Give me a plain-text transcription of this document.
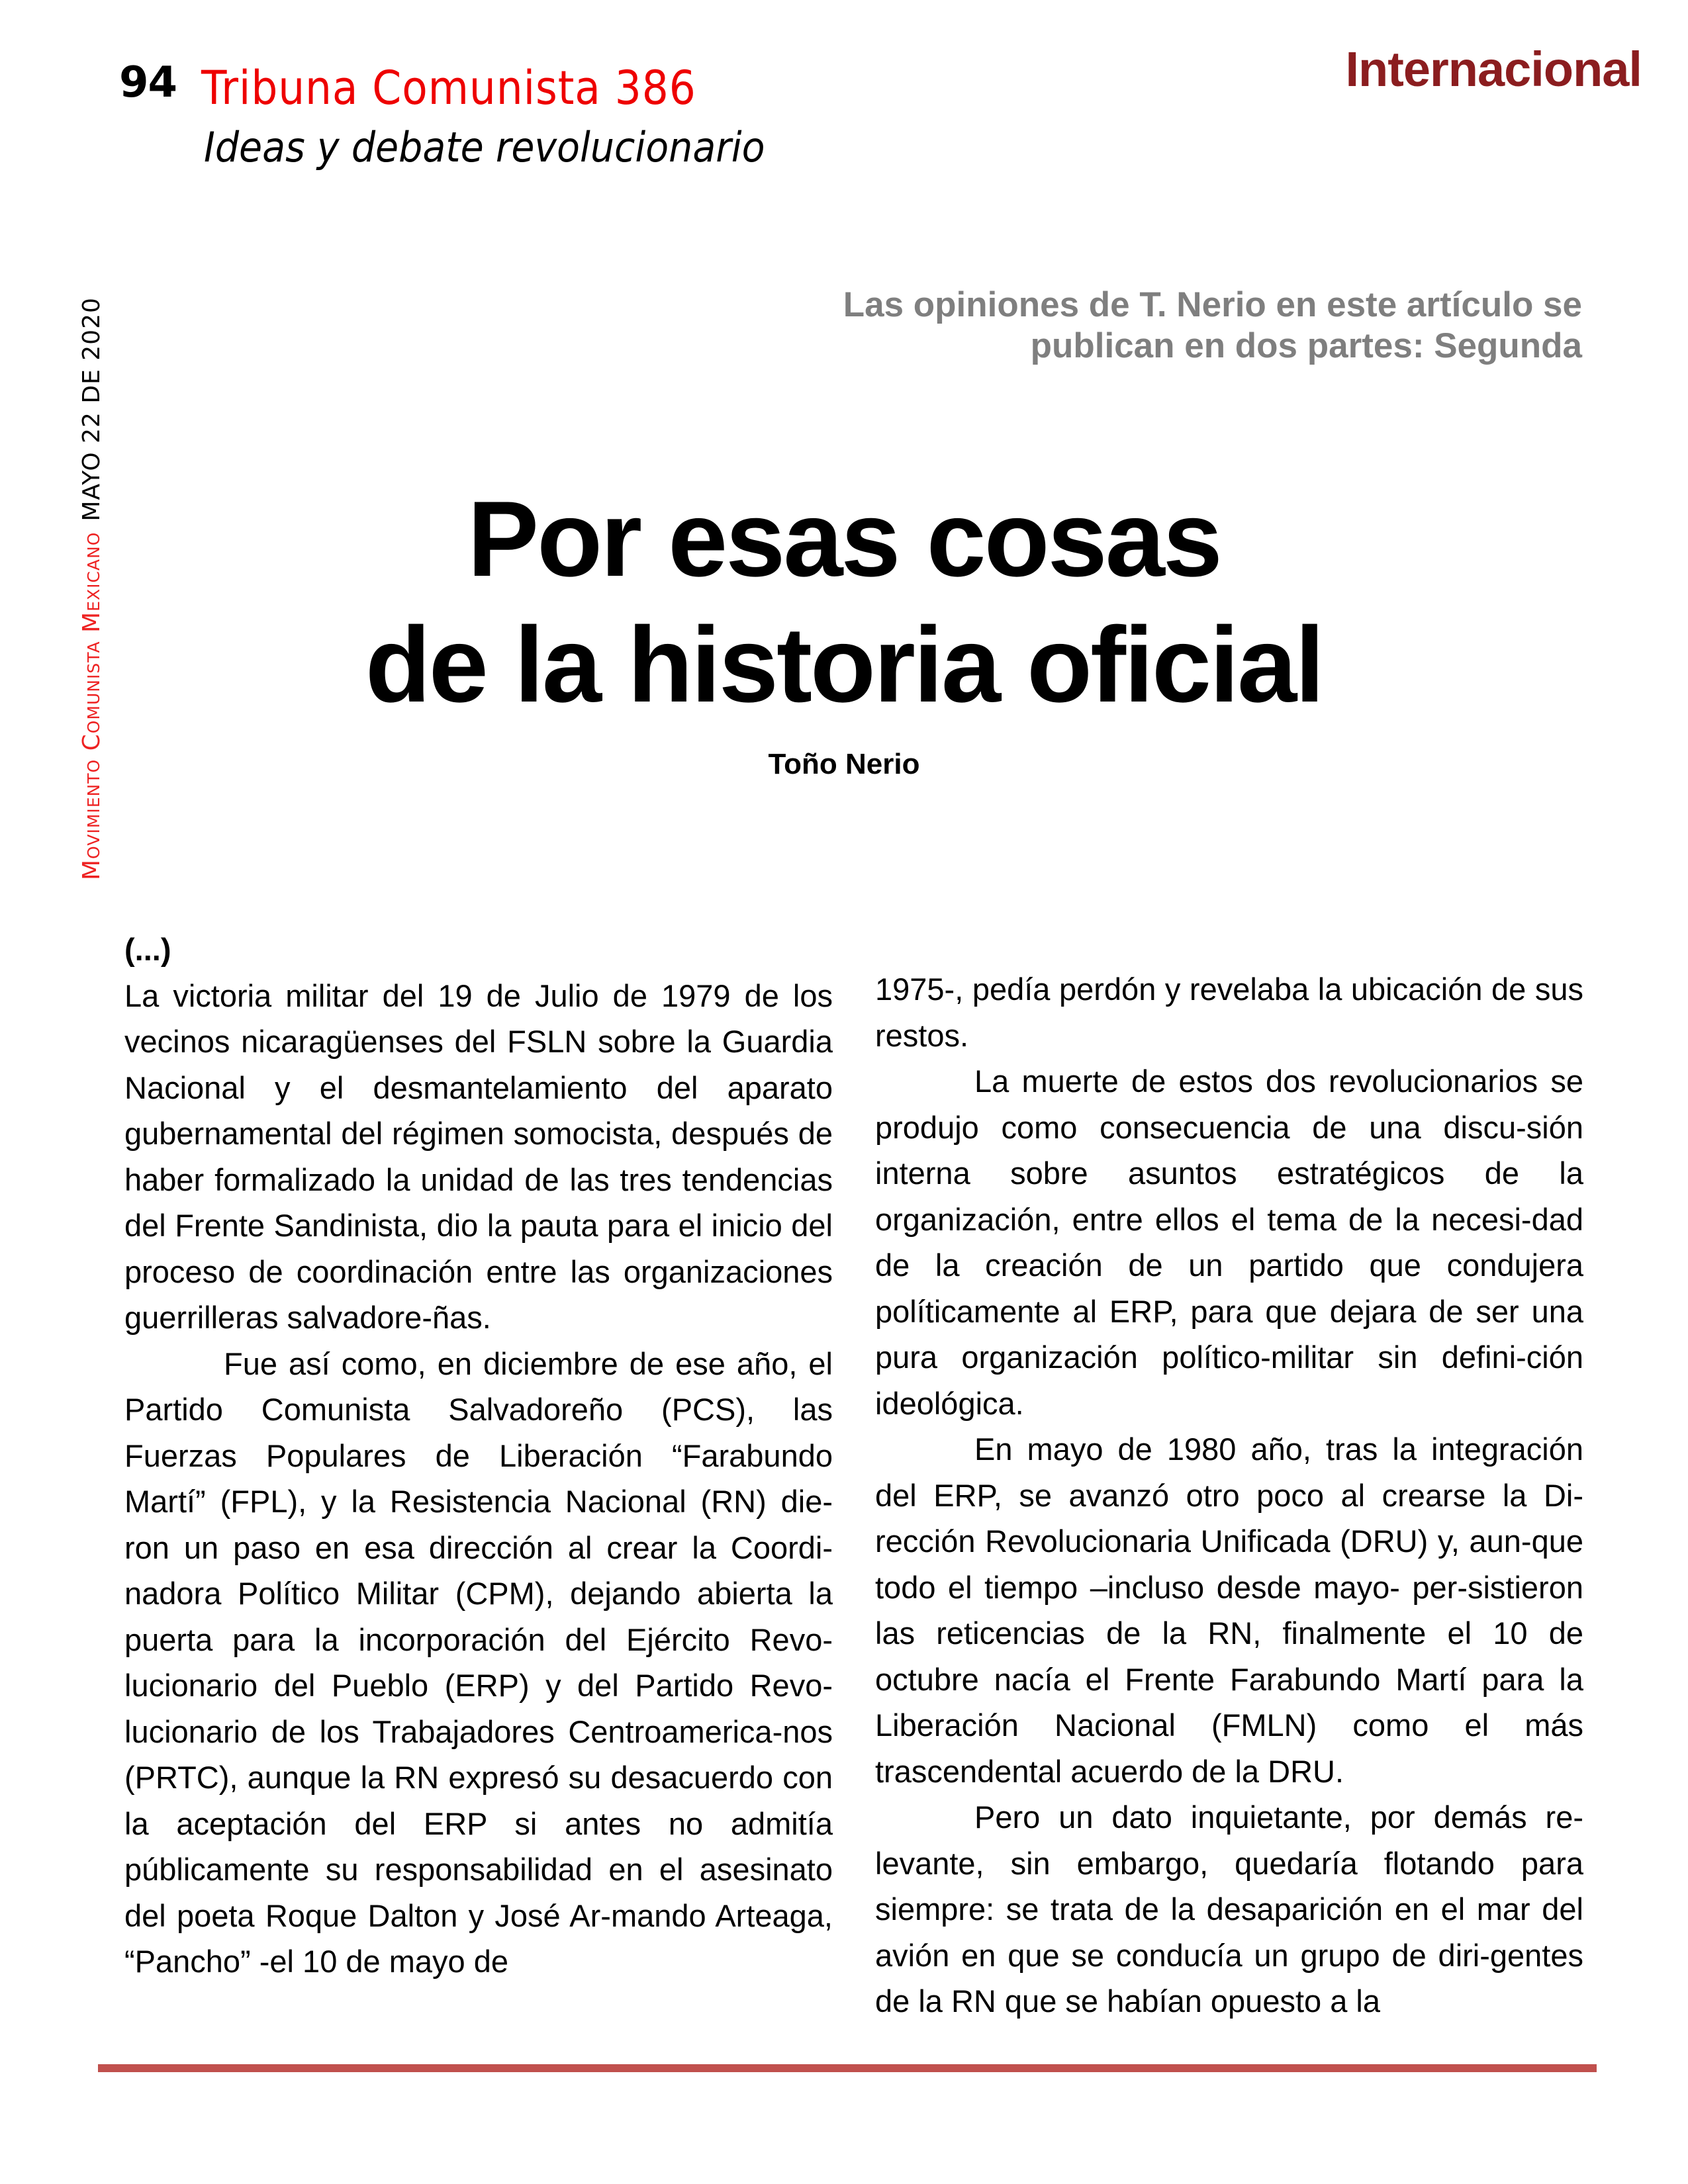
94 Tribuna Comunista 386
Ideas y debate revolucionario
Internacional
Movimiento Comunista MexicanoMAYO 22 DE 2020	Las opiniones de T. Nerio en este artículo se
publican en dos partes: Segunda
Por esas cosas
de la historia oficial
Toño Nerio

(...)

La victoria militar del 19 de Julio de 1979 de los vecinos nicaragüenses del FSLN sobre la Guardia Nacional y el desmantelamiento del aparato gubernamental del régimen somocista, después de haber formalizado la unidad de las tres tendencias del Frente Sandinista, dio la pauta para el inicio del proceso de coordinación entre las organizaciones guerrilleras salvadore-ñas.

Fue así como, en diciembre de ese año, el Partido Comunista Salvadoreño (PCS), las Fuerzas Populares de Liberación “Farabundo Martí” (FPL), y la Resistencia Nacional (RN) die-ron un paso en esa dirección al crear la Coordi-nadora Político Militar (CPM), dejando abierta la puerta para la incorporación del Ejército Revo-lucionario del Pueblo (ERP) y del Partido Revo-lucionario de los Trabajadores Centroamerica-nos (PRTC), aunque la RN expresó su desacuerdo con la aceptación del ERP si antes no admitía públicamente su responsabilidad en el asesinato del poeta Roque Dalton y José Ar-mando Arteaga, “Pancho” -el 10 de mayo de

1975-, pedía perdón y revelaba la ubicación de sus restos.

La muerte de estos dos revolucionarios se produjo como consecuencia de una discu-sión interna sobre asuntos estratégicos de la organización, entre ellos el tema de la necesi-dad de la creación de un partido que condujera políticamente al ERP, para que dejara de ser una pura organización político-militar sin defini-ción ideológica.

En mayo de 1980 año, tras la integración del ERP, se avanzó otro poco al crearse la Di-rección Revolucionaria Unificada (DRU) y, aun-que todo el tiempo –incluso desde mayo- per-sistieron las reticencias de la RN, finalmente el 10 de octubre nacía el Frente Farabundo Martí para la Liberación Nacional (FMLN) como el más trascendental acuerdo de la DRU.

Pero un dato inquietante, por demás re-levante, sin embargo, quedaría flotando para siempre: se trata de la desaparición en el mar del avión en que se conducía un grupo de diri-gentes de la RN que se habían opuesto a la
